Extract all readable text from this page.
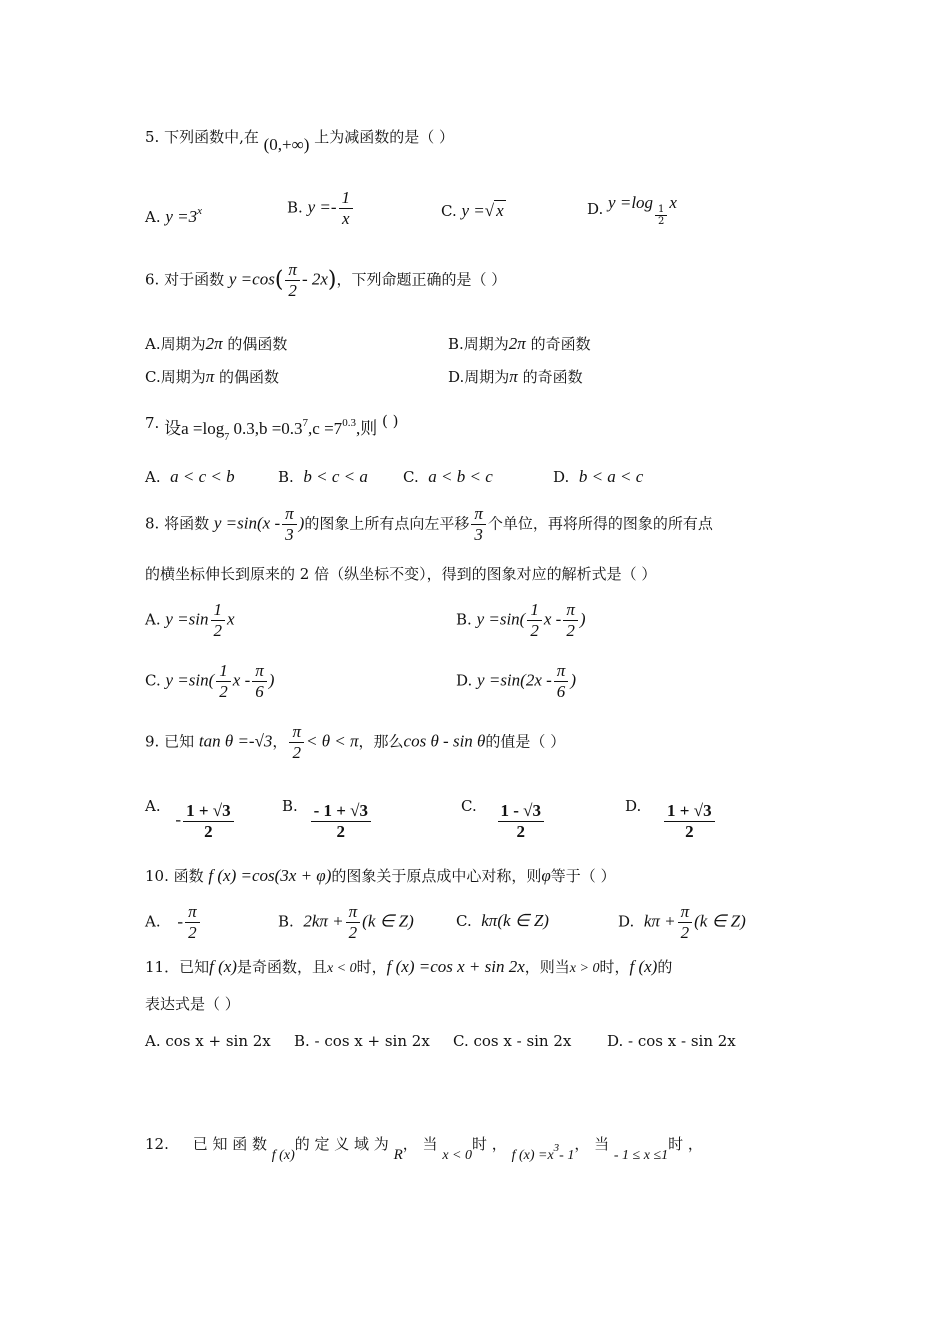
5. 下列函数中,在 (0,+∞) 上为减函数的是（ ）
A. $y =3^x$	B. $y =- \frac{1}{x}$	C. y =√ x	D. y =log
$\frac{1}{2}$
x
6. 对于函数 $y =\cos( \frac{\pi}{2} - 2x)$，下列命题正确的是（ ）
A.周期为2π 的偶函数	B.周期为2π 的奇函数
C.周期为π 的偶函数	D.周期为π 的奇函数
7. 设$a =\log_7$ $0.3,b =0.3^7,c =7^{0.3}$,则 ( )
A. a < c < b	B. b < c < a C. a < b < c	D. b < a < c
8. 将函数 $y =\sin(x - \frac{\pi}{3}$ )的图象上所有点向左平移 $\frac{\pi}{3}$ 个单位，再将所得的图象的所有点
的横坐标伸长到原来的 2 倍（纵坐标不变），得到的图象对应的解析式是（ ）
A. $y =\sin \frac{1}{2}$ x	B. $y =\sin( \frac{1}{2}$ x - $\frac{\pi}{2}$ )
C. $y =\sin( \frac{1}{2}$ x - $\frac{\pi}{6}$ )	D. $y =\sin(2x - \frac{\pi}{6}$ )
9. 已知 tan θ =-√3， $\frac{\pi}{2} < \theta < \pi$，那么cos θ - sin θ的值是（ ）
A. - $\frac{1 + √3}{2}$	B. $\frac{- 1 + √3}{2}$	C. $\frac{1 - √3}{2}$	D. $\frac{1 + √3}{2}$
10. 函数 f (x) =cos(3x + φ)的图象关于原点成中心对称，则φ等于（ ）
A. - $\frac{\pi}{2}$	B. $2k\pi + \frac{\pi}{2} (k$ ∈ Z)	C. kπ(k ∈ Z)	D. $k\pi + \frac{\pi}{2} (k$ ∈ Z)
11．已知f (x)是奇函数，且x < 0时，f (x) =cos x + sin 2x，则当x > 0时，f (x)的
表达式是（ ）
A. cos x + sin 2x B. - cos x + sin 2x C. cos x - sin 2x D. - cos x - sin 2x
12. 已 知 函 数 f (x)的 定 义 域 为 R， 当 x < 0时 ， f $(x) =x^3-$ 1， 当 - 1 ≤ x ≤1时 ，
